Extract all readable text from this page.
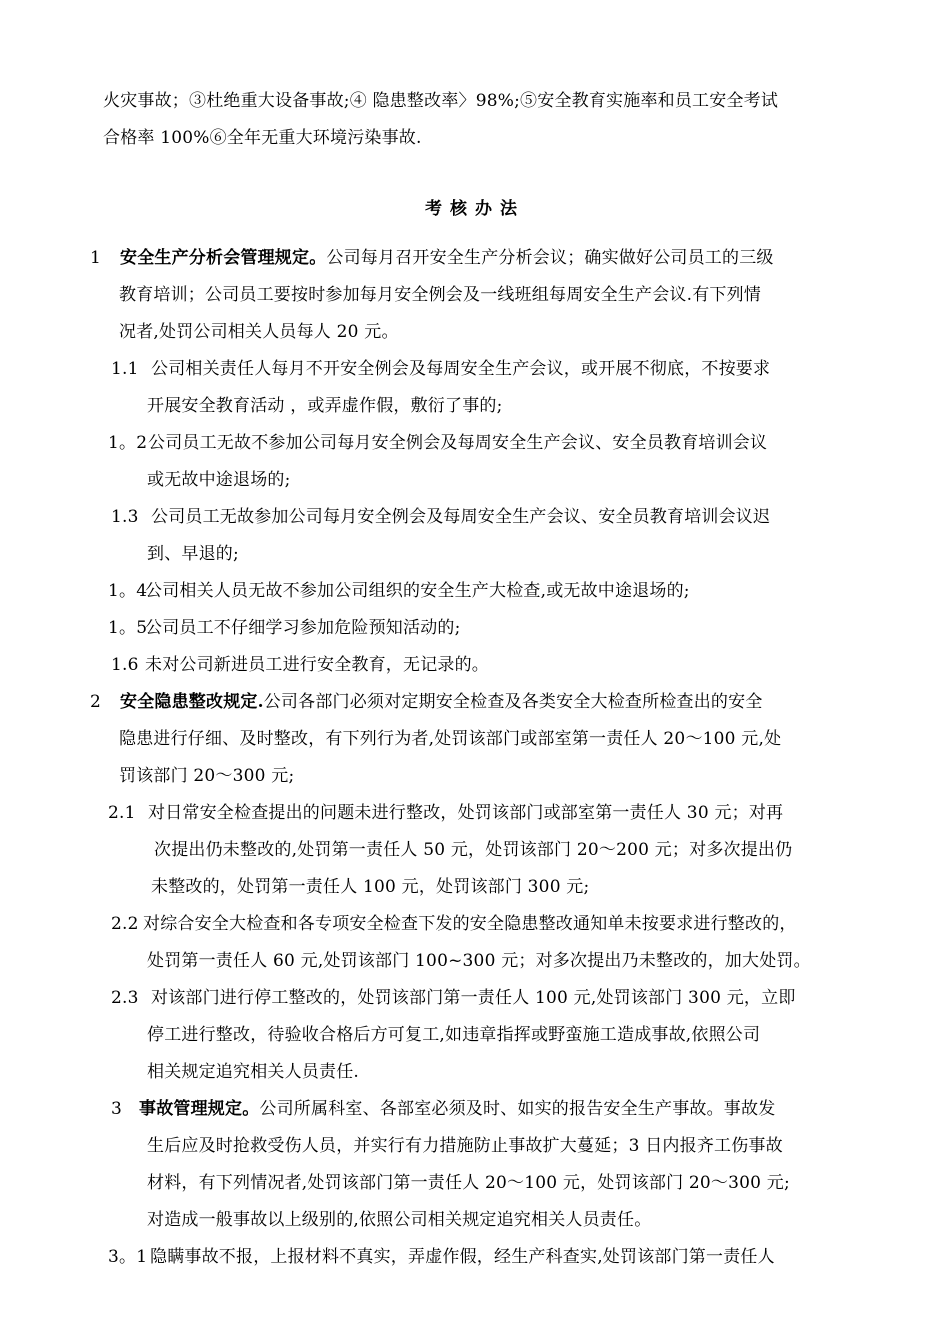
火灾事故；③杜绝重大设备事故;④ 隐患整改率〉98%;⑤安全教育实施率和员工安全考试
合格率 100%⑥全年无重大环境污染事故.
考核办法
1 安全生产分析会管理规定。公司每月召开安全生产分析会议；确实做好公司员工的三级
教育培训；公司员工要按时参加每月安全例会及一线班组每周安全生产会议.有下列情
况者,处罚公司相关人员每人 20 元。
1.1 公司相关责任人每月不开安全例会及每周安全生产会议，或开展不彻底，不按要求
开展安全教育活动 ，或弄虚作假，敷衍了事的;
1。2公司员工无故不参加公司每月安全例会及每周安全生产会议、安全员教育培训会议
或无故中途退场的;
1.3 公司员工无故参加公司每月安全例会及每周安全生产会议、安全员教育培训会议迟
到、早退的;
1。4公司相关人员无故不参加公司组织的安全生产大检查,或无故中途退场的;
1。5公司员工不仔细学习参加危险预知活动的;
1.6 未对公司新进员工进行安全教育，无记录的。
2 安全隐患整改规定.公司各部门必须对定期安全检查及各类安全大检查所检查出的安全
隐患进行仔细、及时整改，有下列行为者,处罚该部门或部室第一责任人 20～100 元,处
罚该部门 20～300 元;
2.1 对日常安全检查提出的问题未进行整改，处罚该部门或部室第一责任人 30 元；对再
次提出仍未整改的,处罚第一责任人 50 元，处罚该部门 20～200 元；对多次提出仍
未整改的，处罚第一责任人 100 元，处罚该部门 300 元;
2.2 对综合安全大检查和各专项安全检查下发的安全隐患整改通知单未按要求进行整改的，
处罚第一责任人 60 元,处罚该部门 100~300 元；对多次提出乃未整改的，加大处罚。
2.3 对该部门进行停工整改的，处罚该部门第一责任人 100 元,处罚该部门 300 元，立即
停工进行整改，待验收合格后方可复工,如违章指挥或野蛮施工造成事故,依照公司
相关规定追究相关人员责任.
3 事故管理规定。公司所属科室、各部室必须及时、如实的报告安全生产事故。事故发
生后应及时抢救受伤人员，并实行有力措施防止事故扩大蔓延；3 日内报齐工伤事故
材料，有下列情况者,处罚该部门第一责任人 20～100 元，处罚该部门 20～300 元;
对造成一般事故以上级别的,依照公司相关规定追究相关人员责任。
3。1 隐瞒事故不报，上报材料不真实，弄虚作假，经生产科查实,处罚该部门第一责任人
